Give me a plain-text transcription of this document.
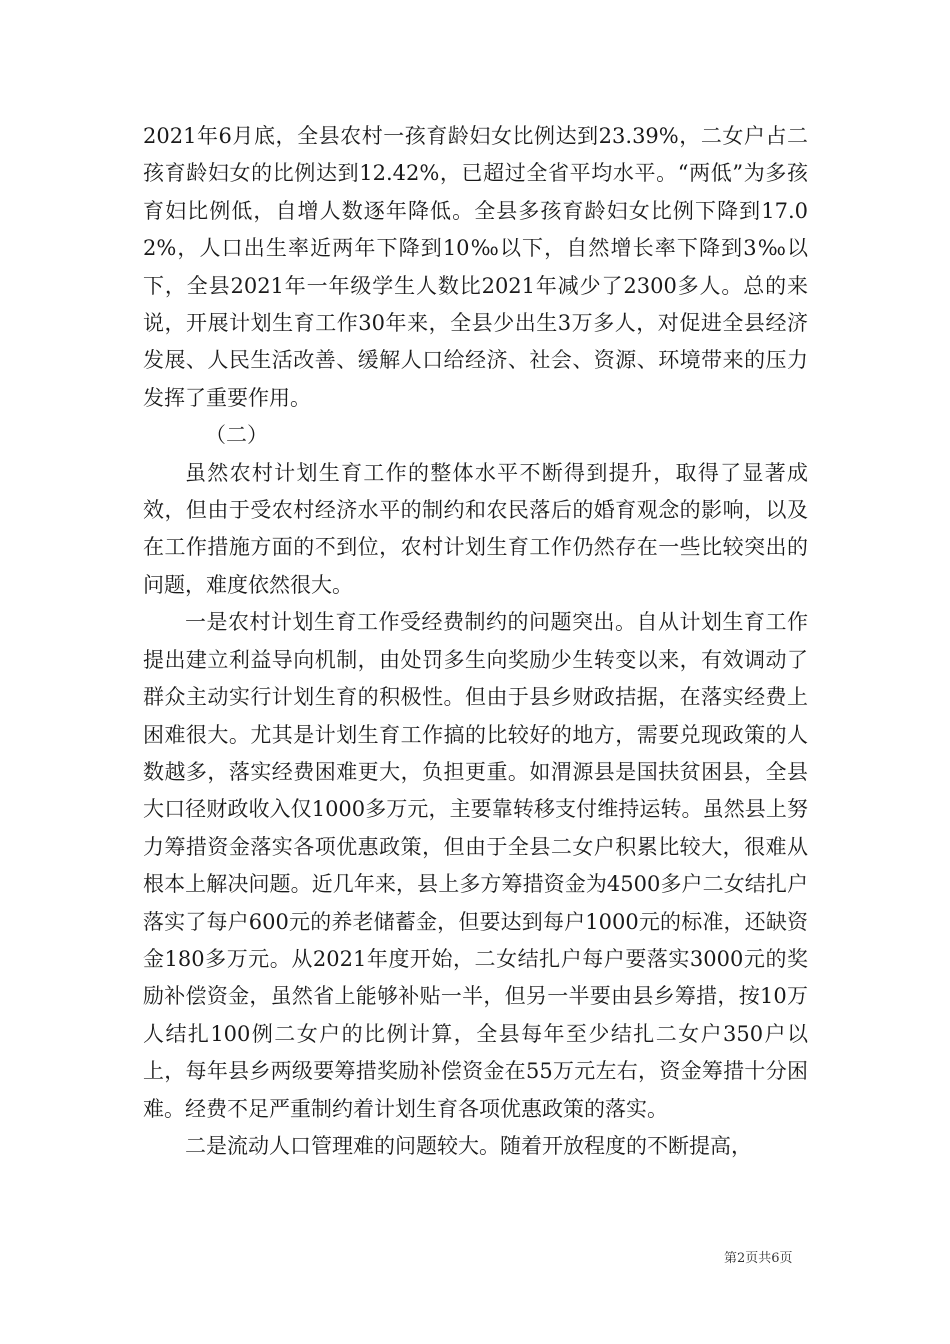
2021年6月底，全县农村一孩育龄妇女比例达到23.39%，二女户占二孩育龄妇女的比例达到12.42%，已超过全省平均水平。“两低”为多孩育妇比例低，自增人数逐年降低。全县多孩育龄妇女比例下降到17.02%，人口出生率近两年下降到10‰以下，自然增长率下降到3‰以下，全县2021年一年级学生人数比2021年减少了2300多人。总的来说，开展计划生育工作30年来，全县少出生3万多人，对促进全县经济发展、人民生活改善、缓解人口给经济、社会、资源、环境带来的压力发挥了重要作用。

（二）

虽然农村计划生育工作的整体水平不断得到提升，取得了显著成效，但由于受农村经济水平的制约和农民落后的婚育观念的影响，以及在工作措施方面的不到位，农村计划生育工作仍然存在一些比较突出的问题，难度依然很大。

一是农村计划生育工作受经费制约的问题突出。自从计划生育工作提出建立利益导向机制，由处罚多生向奖励少生转变以来，有效调动了群众主动实行计划生育的积极性。但由于县乡财政拮据，在落实经费上困难很大。尤其是计划生育工作搞的比较好的地方，需要兑现政策的人数越多，落实经费困难更大，负担更重。如渭源县是国扶贫困县，全县大口径财政收入仅1000多万元，主要靠转移支付维持运转。虽然县上努力筹措资金落实各项优惠政策，但由于全县二女户积累比较大，很难从根本上解决问题。近几年来，县上多方筹措资金为4500多户二女结扎户落实了每户600元的养老储蓄金，但要达到每户1000元的标准，还缺资金180多万元。从2021年度开始，二女结扎户每户要落实3000元的奖励补偿资金，虽然省上能够补贴一半，但另一半要由县乡筹措，按10万人结扎100例二女户的比例计算，全县每年至少结扎二女户350户以上，每年县乡两级要筹措奖励补偿资金在55万元左右，资金筹措十分困难。经费不足严重制约着计划生育各项优惠政策的落实。

二是流动人口管理难的问题较大。随着开放程度的不断提高，

第2页共6页
